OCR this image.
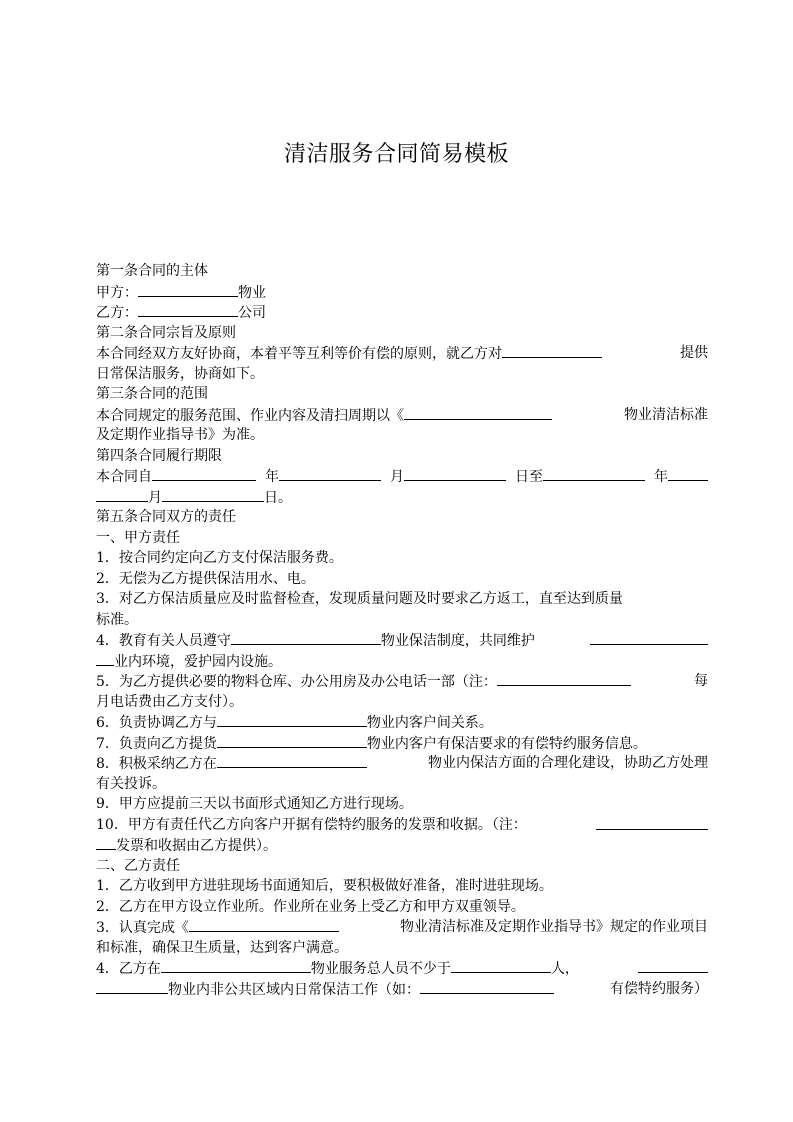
清洁服务合同简易模板
第一条合同的主体
甲方：	物业
乙方：	公司
第二条合同宗旨及原则
本合同经双方友好协商，本着平等互利等价有偿的原则，就乙方对	提供
日常保洁服务，协商如下。
第三条合同的范围
本合同规定的服务范围、作业内容及清扫周期以《	物业清洁标准
及定期作业指导书》为准。
第四条合同履行期限
本合同自	年	月	日至	年
月	日。
第五条合同双方的责任
一、甲方责任
1．按合同约定向乙方支付保洁服务费。
2．无偿为乙方提供保洁用水、电。
3．对乙方保洁质量应及时监督检查，发现质量问题及时要求乙方返工，直至达到质量
标准。
4．教育有关人员遵守	物业保洁制度，共同维护
业内环境，爱护园内设施。
5．为乙方提供必要的物料仓库、办公用房及办公电话一部（注：	每
月电话费由乙方支付）。
6．负责协调乙方与	物业内客户间关系。
7．负责向乙方提货	物业内客户有保洁要求的有偿特约服务信息。
8．积极采纳乙方在	物业内保洁方面的合理化建设，协助乙方处理
有关投诉。
9．甲方应提前三天以书面形式通知乙方进行现场。
10．甲方有责任代乙方向客户开据有偿特约服务的发票和收据。（注：
发票和收据由乙方提供）。
二、乙方责任
1．乙方收到甲方进驻现场书面通知后，要积极做好准备，准时进驻现场。
2．乙方在甲方设立作业所。作业所在业务上受乙方和甲方双重领导。
3．认真完成《	物业清洁标准及定期作业指导书》规定的作业项目
和标准，确保卫生质量，达到客户满意。
4．乙方在	物业服务总人员不少于	人，
物业内非公共区域内日常保洁工作（如：	有偿特约服务）
